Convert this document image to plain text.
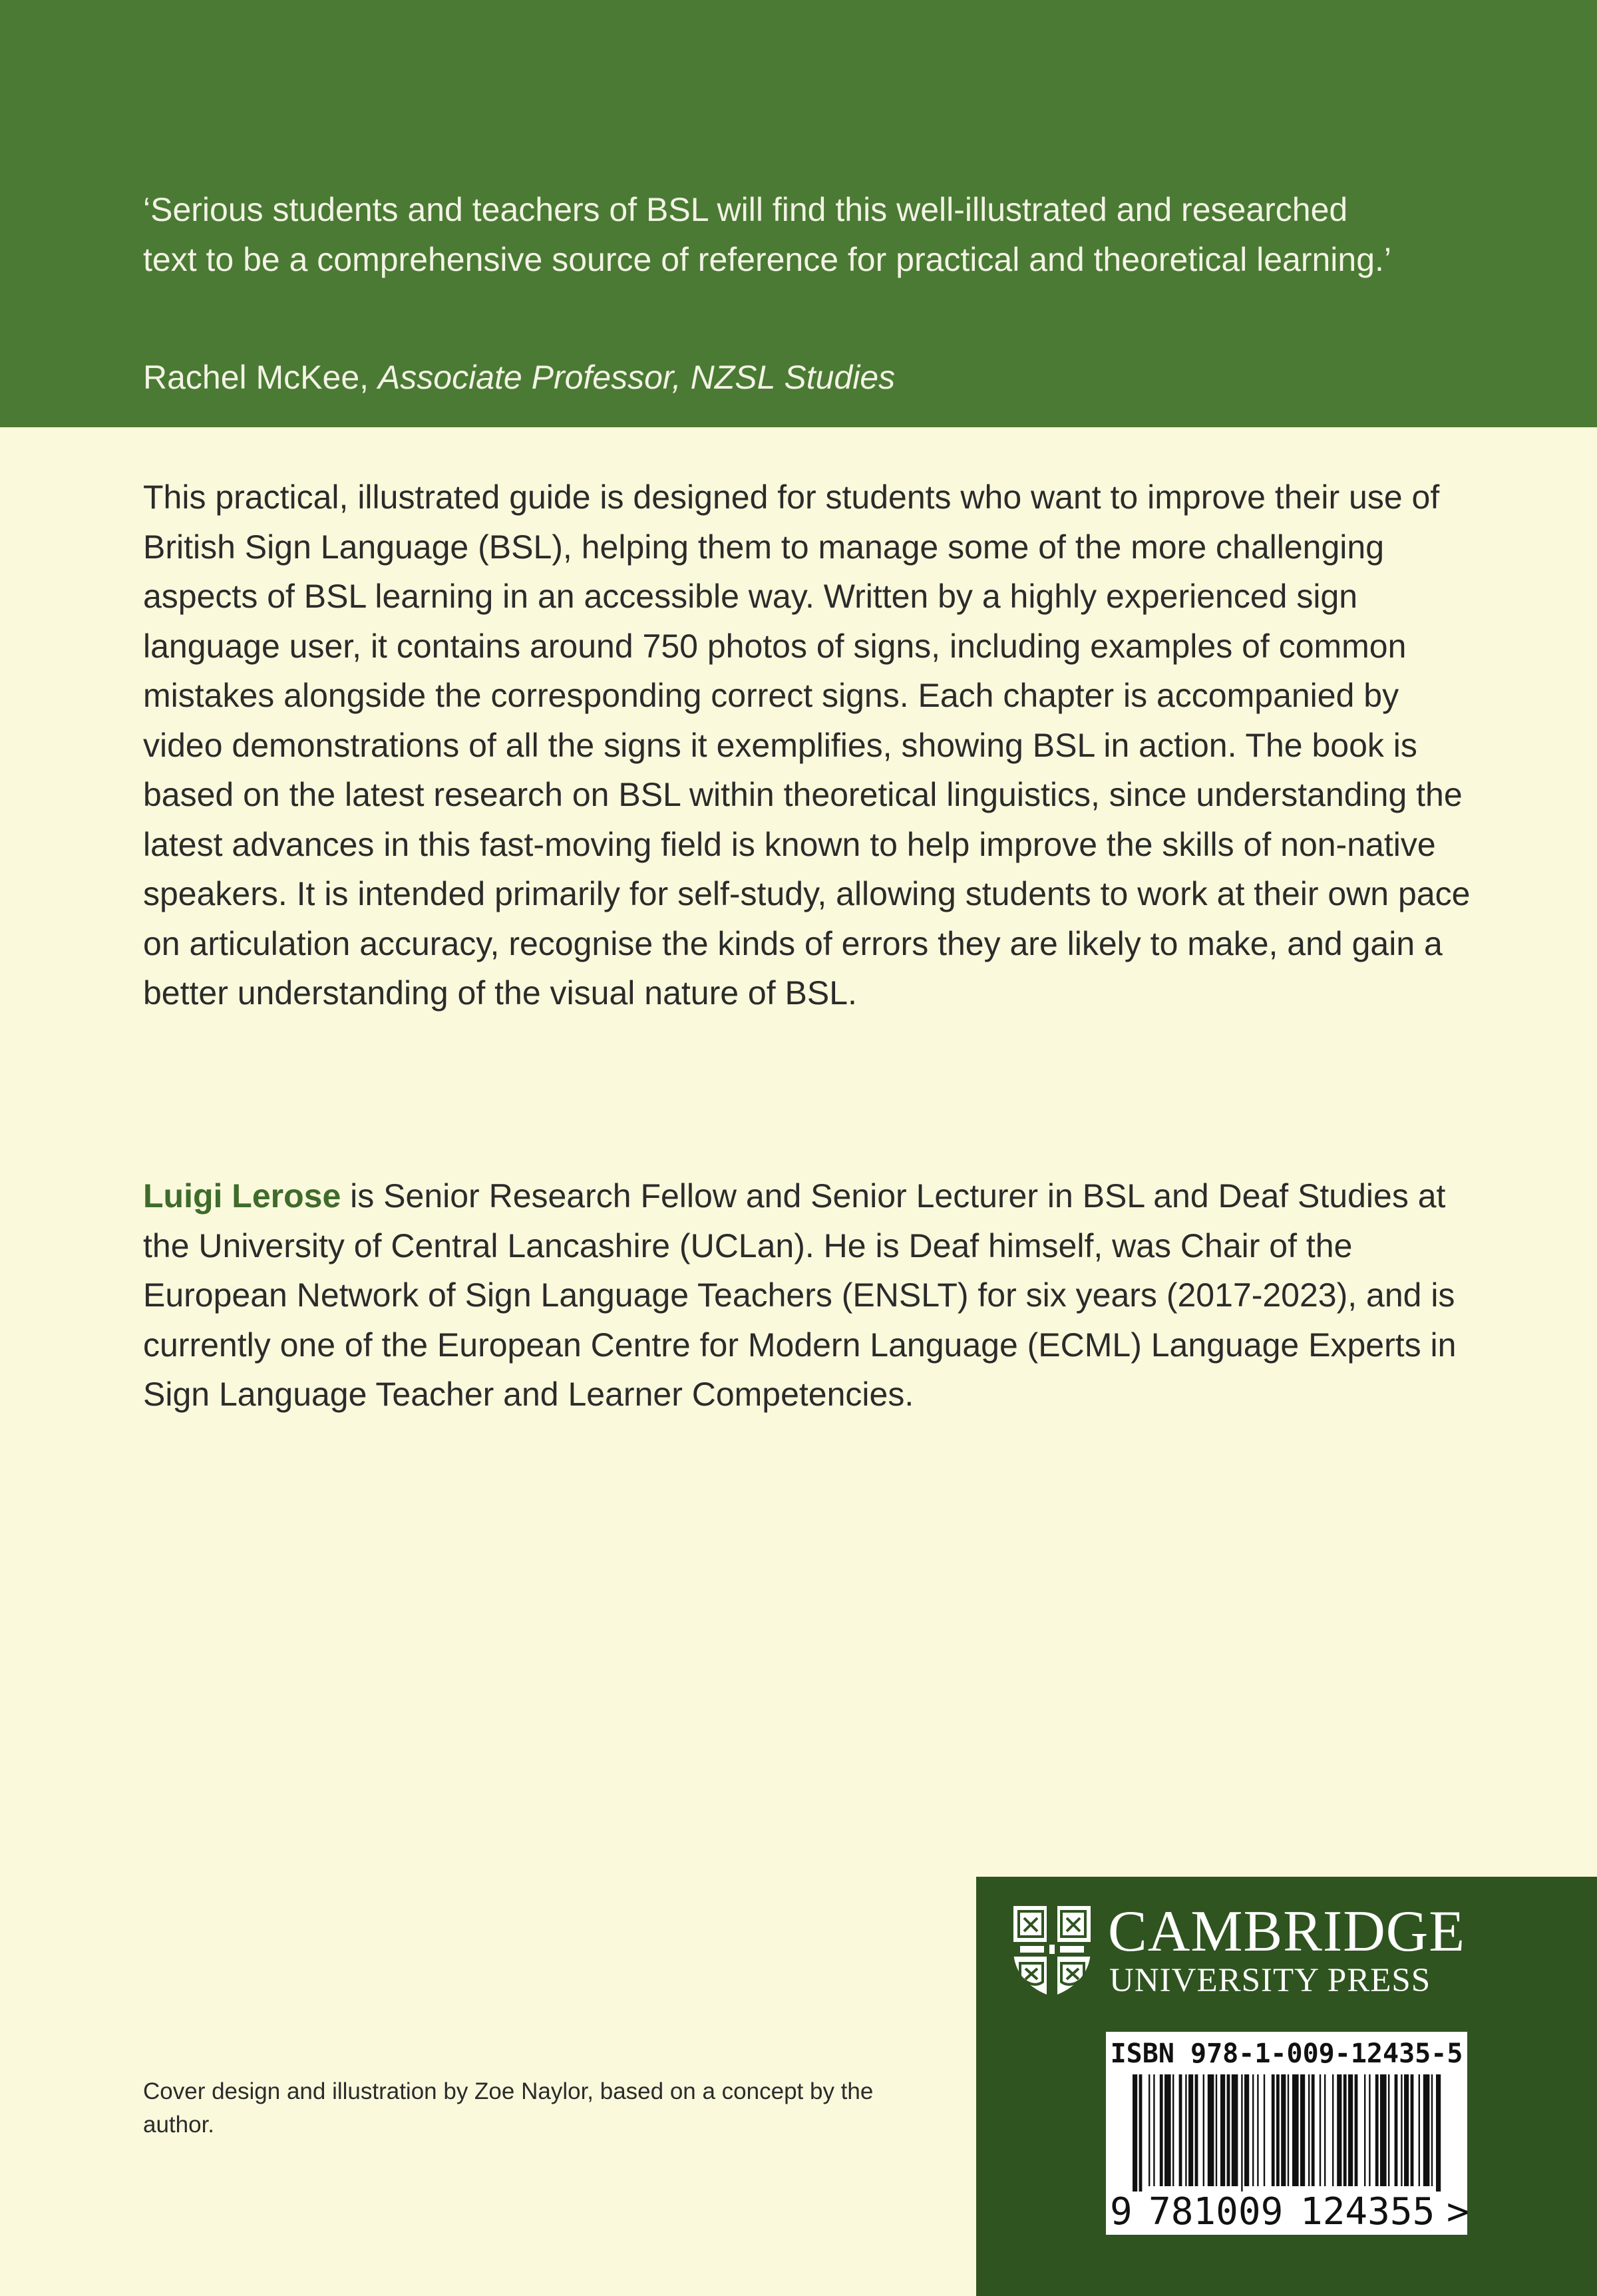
‘Serious students and teachers of BSL will find this well-illustrated and researched text to be a comprehensive source of reference for practical and theoretical learning.’

Rachel McKee, Associate Professor, NZSL Studies

This practical, illustrated guide is designed for students who want to improve their use of British Sign Language (BSL), helping them to manage some of the more challenging aspects of BSL learning in an accessible way. Written by a highly experienced sign language user, it contains around 750 photos of signs, including examples of common mistakes alongside the corresponding correct signs. Each chapter is accompanied by video demonstrations of all the signs it exemplifies, showing BSL in action. The book is based on the latest research on BSL within theoretical linguistics, since understanding the latest advances in this fast-moving field is known to help improve the skills of non-native speakers. It is intended primarily for self-study, allowing students to work at their own pace on articulation accuracy, recognise the kinds of errors they are likely to make, and gain a better understanding of the visual nature of BSL.

Luigi Lerose is Senior Research Fellow and Senior Lecturer in BSL and Deaf Studies at the University of Central Lancashire (UCLan). He is Deaf himself, was Chair of the European Network of Sign Language Teachers (ENSLT) for six years (2017-2023), and is currently one of the European Centre for Modern Language (ECML) Language Experts in Sign Language Teacher and Learner Competencies.

Cover design and illustration by Zoe Naylor, based on a concept by the author.

CAMBRIDGE
UNIVERSITY PRESS
ISBN 978-1-009-12435-5
9 781009 124355 >
